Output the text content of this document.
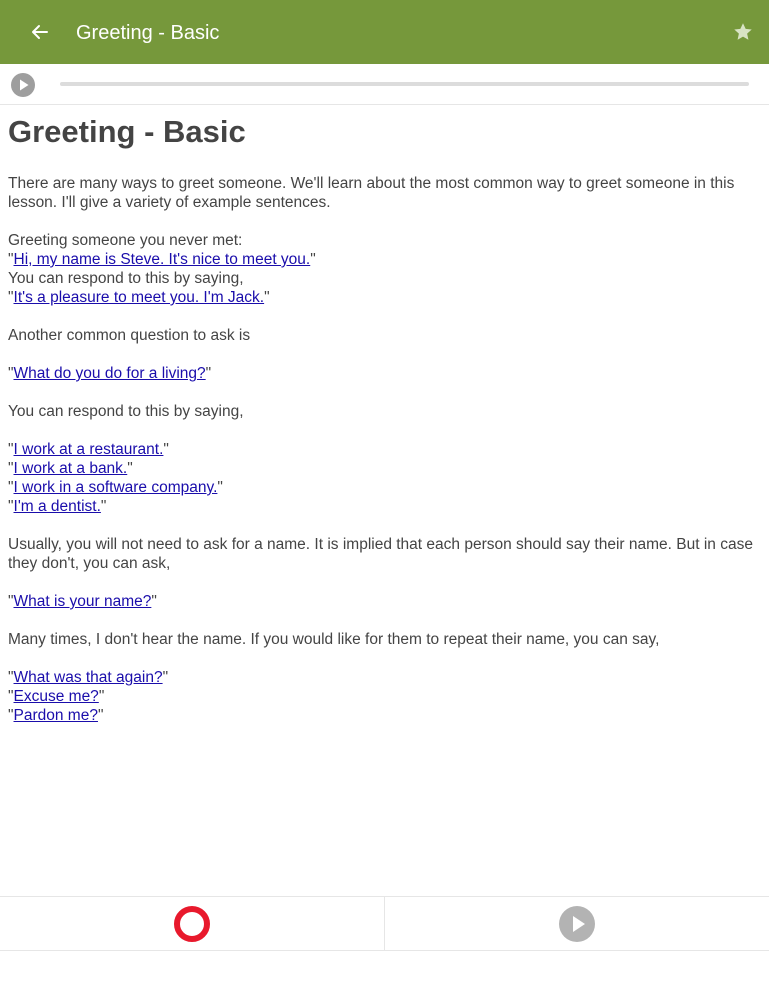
Greeting - Basic
Greeting - Basic

There are many ways to greet someone. We'll learn about the most common way to greet someone in this lesson. I'll give a variety of example sentences.

Greeting someone you never met:

"Hi, my name is Steve. It's nice to meet you."

You can respond to this by saying,

"It's a pleasure to meet you. I'm Jack."

Another common question to ask is

"What do you do for a living?"

You can respond to this by saying,

"I work at a restaurant."

"I work at a bank."

"I work in a software company."

"I'm a dentist."

Usually, you will not need to ask for a name. It is implied that each person should say their name. But in case they don't, you can ask,

"What is your name?"

Many times, I don't hear the name. If you would like for them to repeat their name, you can say,

"What was that again?"

"Excuse me?"

"Pardon me?"
